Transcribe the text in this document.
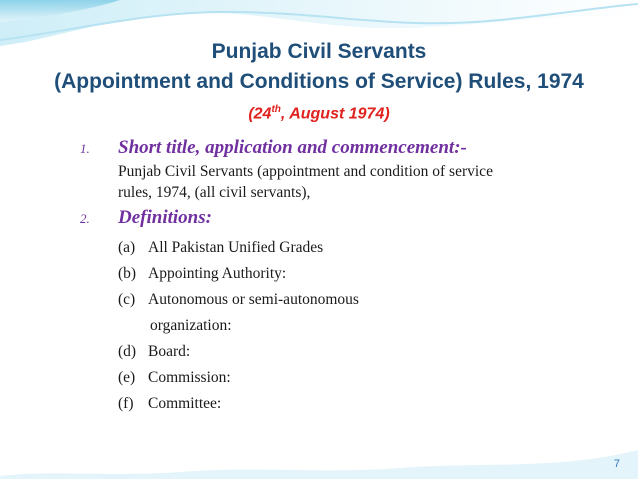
Punjab Civil Servants
(Appointment and Conditions of Service) Rules, 1974
(24th, August 1974)
1. Short title, application and commencement:-
Punjab Civil Servants (appointment and condition of service
rules, 1974, (all civil servants),
2. Definitions:
(a) All Pakistan Unified Grades
(b) Appointing Authority:
(c) Autonomous or semi-autonomous
organization:
(d) Board:
(e) Commission:
(f) Committee:
7
